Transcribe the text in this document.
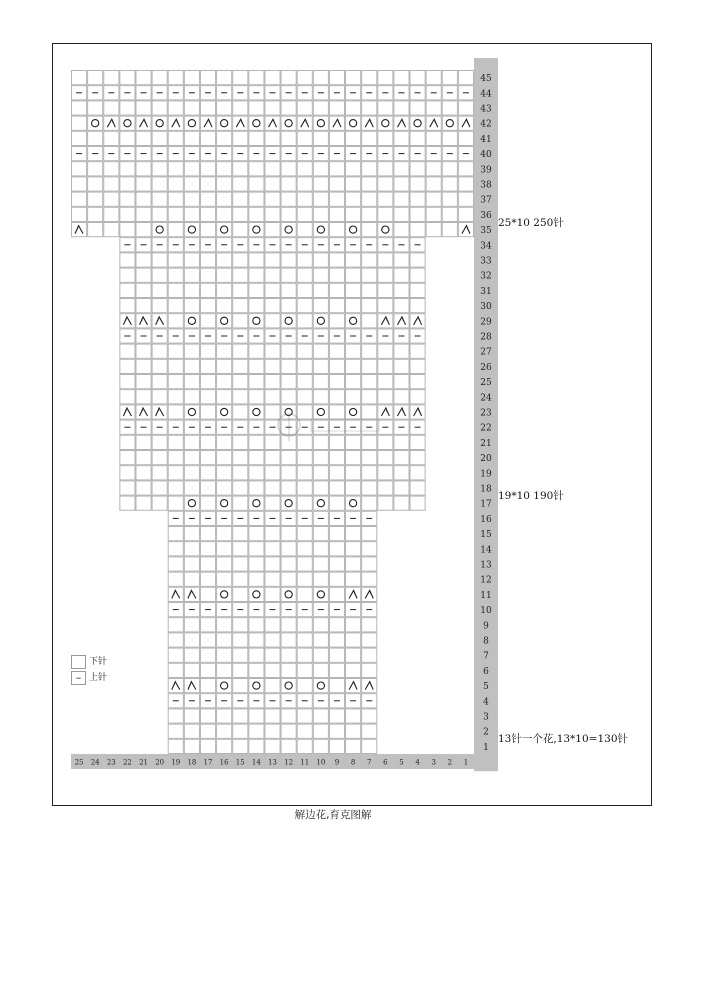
1
2
3
4
5
6
7
8
9
10
11
12
13
14
15
16
17
18
19
20
21
22
23
24
25
26
27
28
29
30
31
32
33
34
35
36
37
38
39
40
41
42
43
44
45
25 24 23 22 21 20 19 18 17 16 15 14 13 12 11 10 9 8 7 6 5 4 3 2 1
25*10 250针
19*10 190针
13针一个花,13*10=130针
下针
– 上针
解边花,育克图解
